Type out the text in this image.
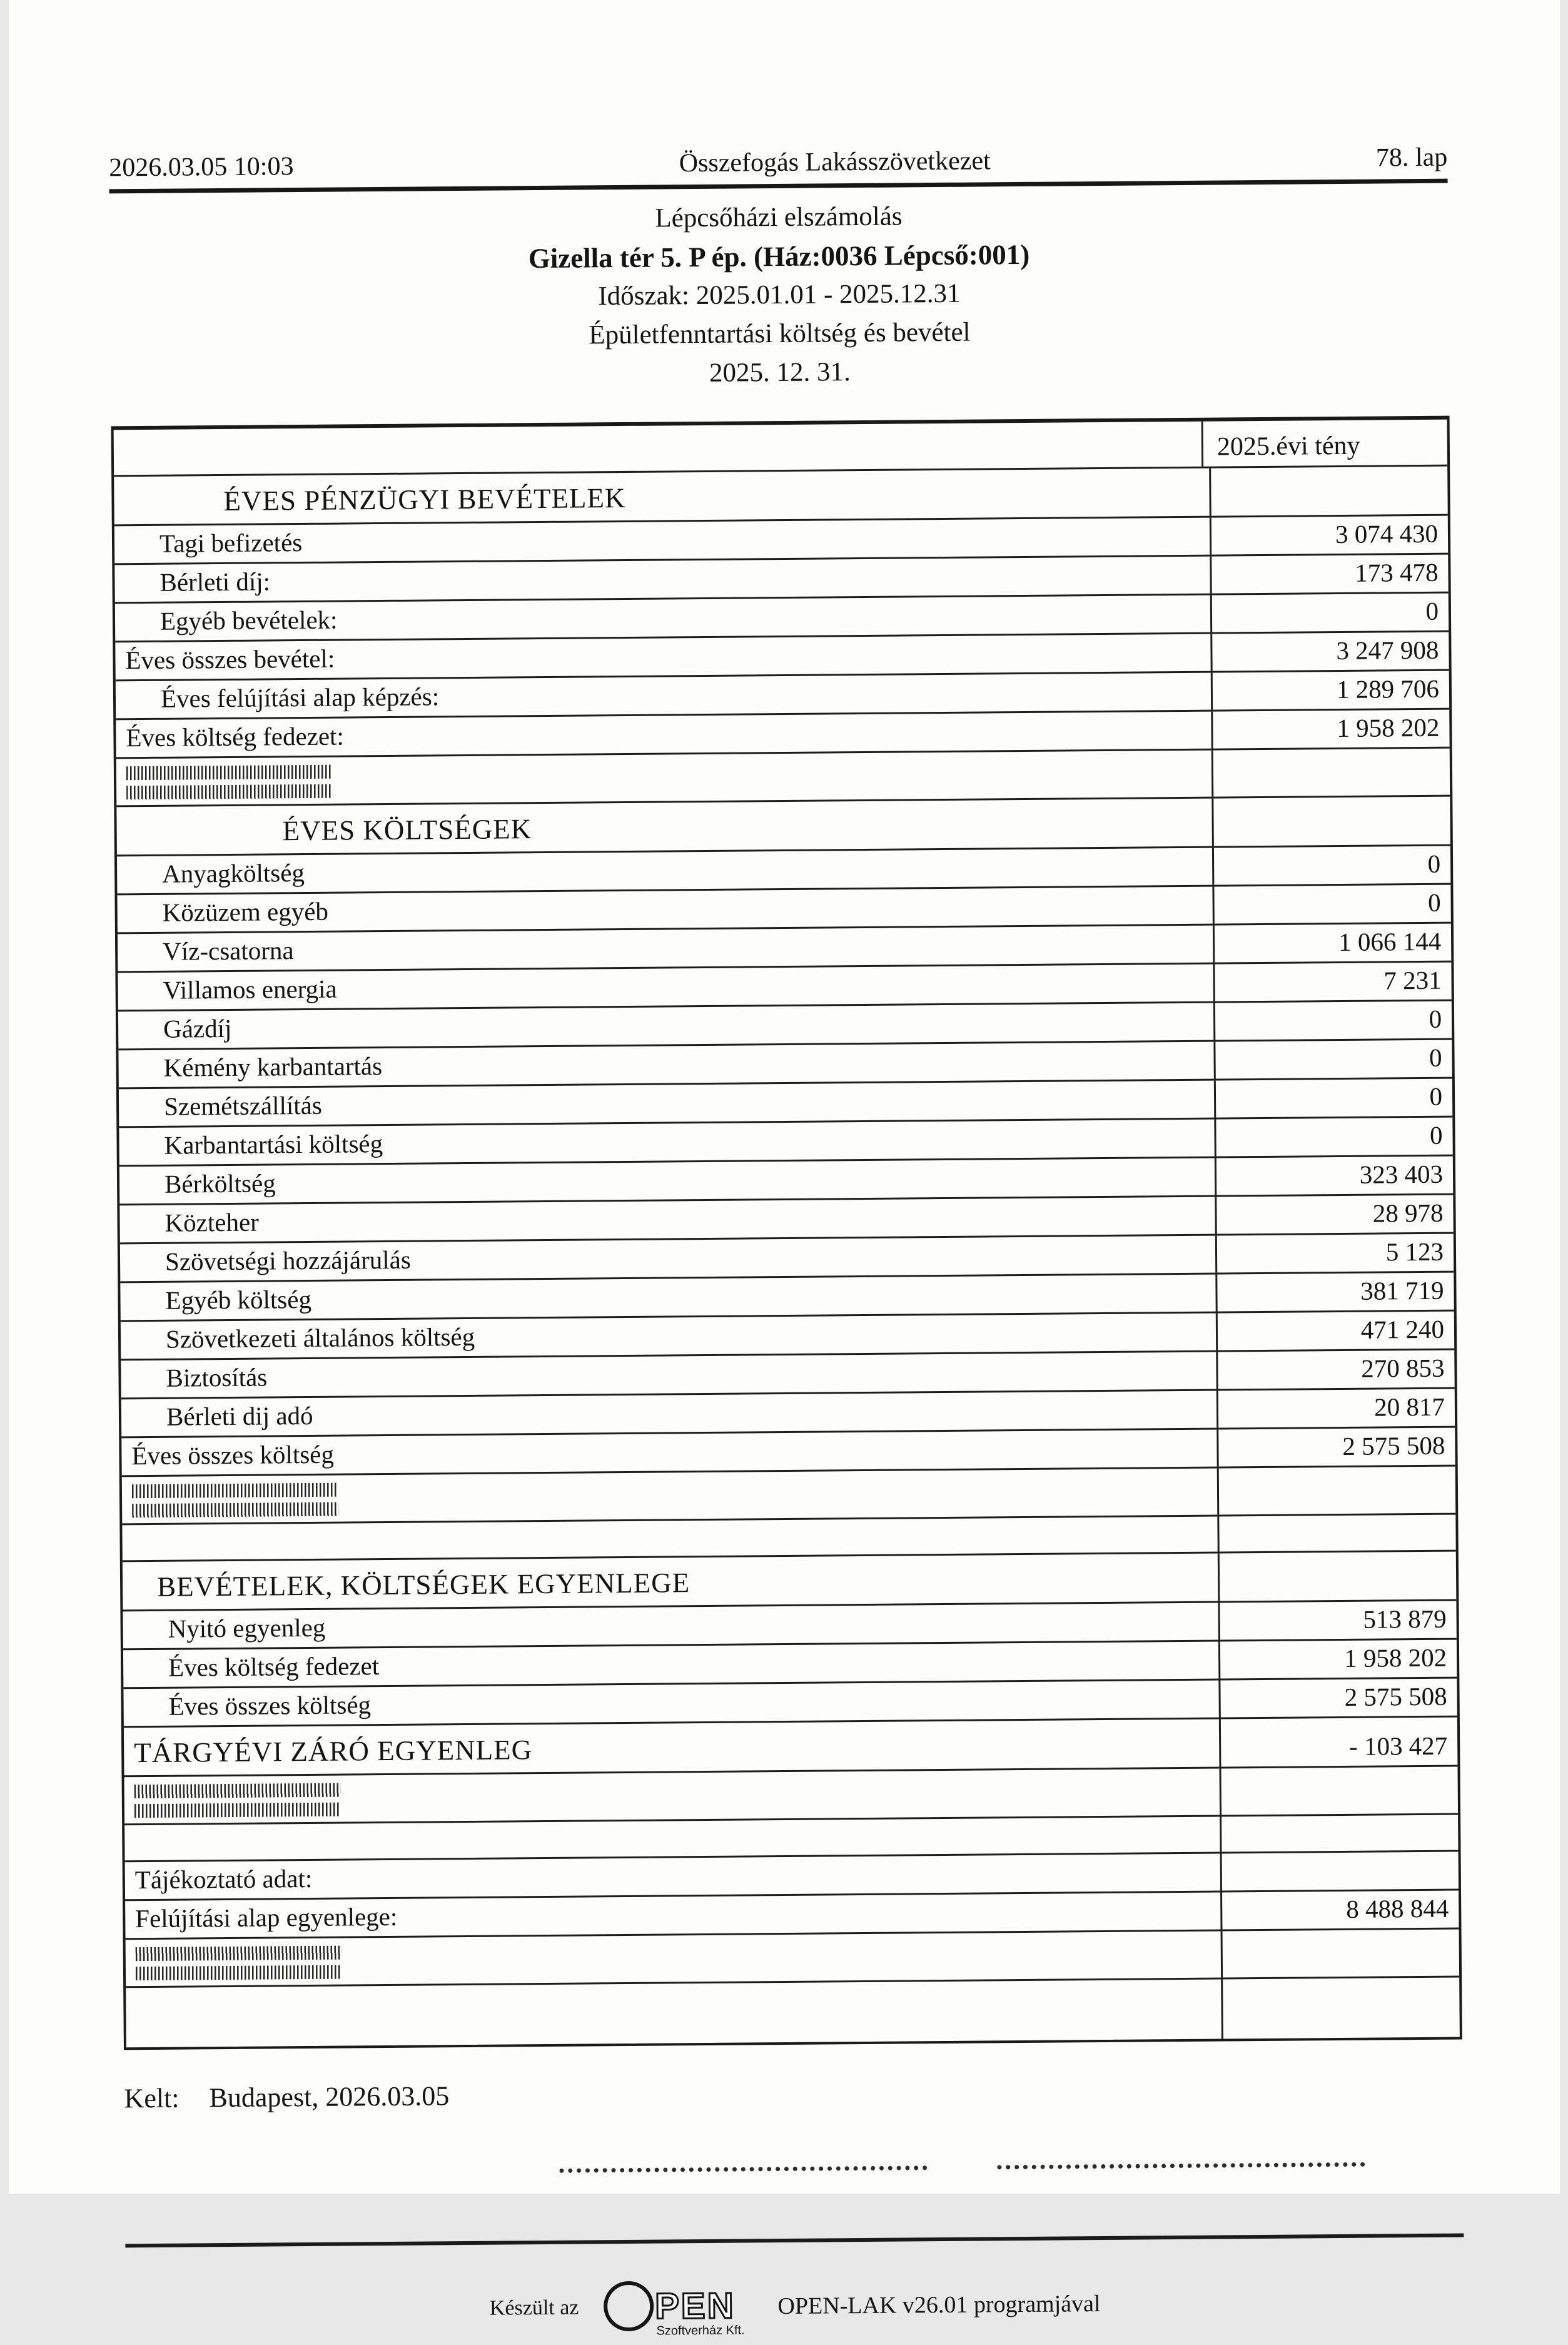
2026.03.05 10:03	Összefogás Lakásszövetkezet	78. lap
Lépcsőházi elszámolás
Gizella tér 5. P ép. (Ház:0036 Lépcső:001)
Időszak: 2025.01.01 - 2025.12.31
Épületfenntartási költség és bevétel
2025. 12. 31.
2025.évi tény
ÉVES PÉNZÜGYI BEVÉTELEK
Tagi befizetés	3 074 430
Bérleti díj:	173 478
Egyéb bevételek:	0
Éves összes bevétel:	3 247 908
Éves felújítási alap képzés:	1 289 706
Éves költség fedezet:	1 958 202
ÉVES KÖLTSÉGEK
Anyagköltség	0
Közüzem egyéb	0
Víz-csatorna	1 066 144
Villamos energia	7 231
Gázdíj	0
Kémény karbantartás	0
Szemétszállítás	0
Karbantartási költség	0
Bérköltség	323 403
Közteher	28 978
Szövetségi hozzájárulás	5 123
Egyéb költség	381 719
Szövetkezeti általános költség	471 240
Biztosítás	270 853
Bérleti dij adó	20 817
Éves összes költség	2 575 508
BEVÉTELEK, KÖLTSÉGEK EGYENLEGE
Nyitó egyenleg	513 879
Éves költség fedezet	1 958 202
Éves összes költség	2 575 508
TÁRGYÉVI ZÁRÓ EGYENLEG	- 103 427
Tájékoztató adat:
Felújítási alap egyenlege:	8 488 844
Kelt: Budapest, 2026.03.05
Készült az PEN
Szoftverház Kft.
OPEN-LAK v26.01 programjával
